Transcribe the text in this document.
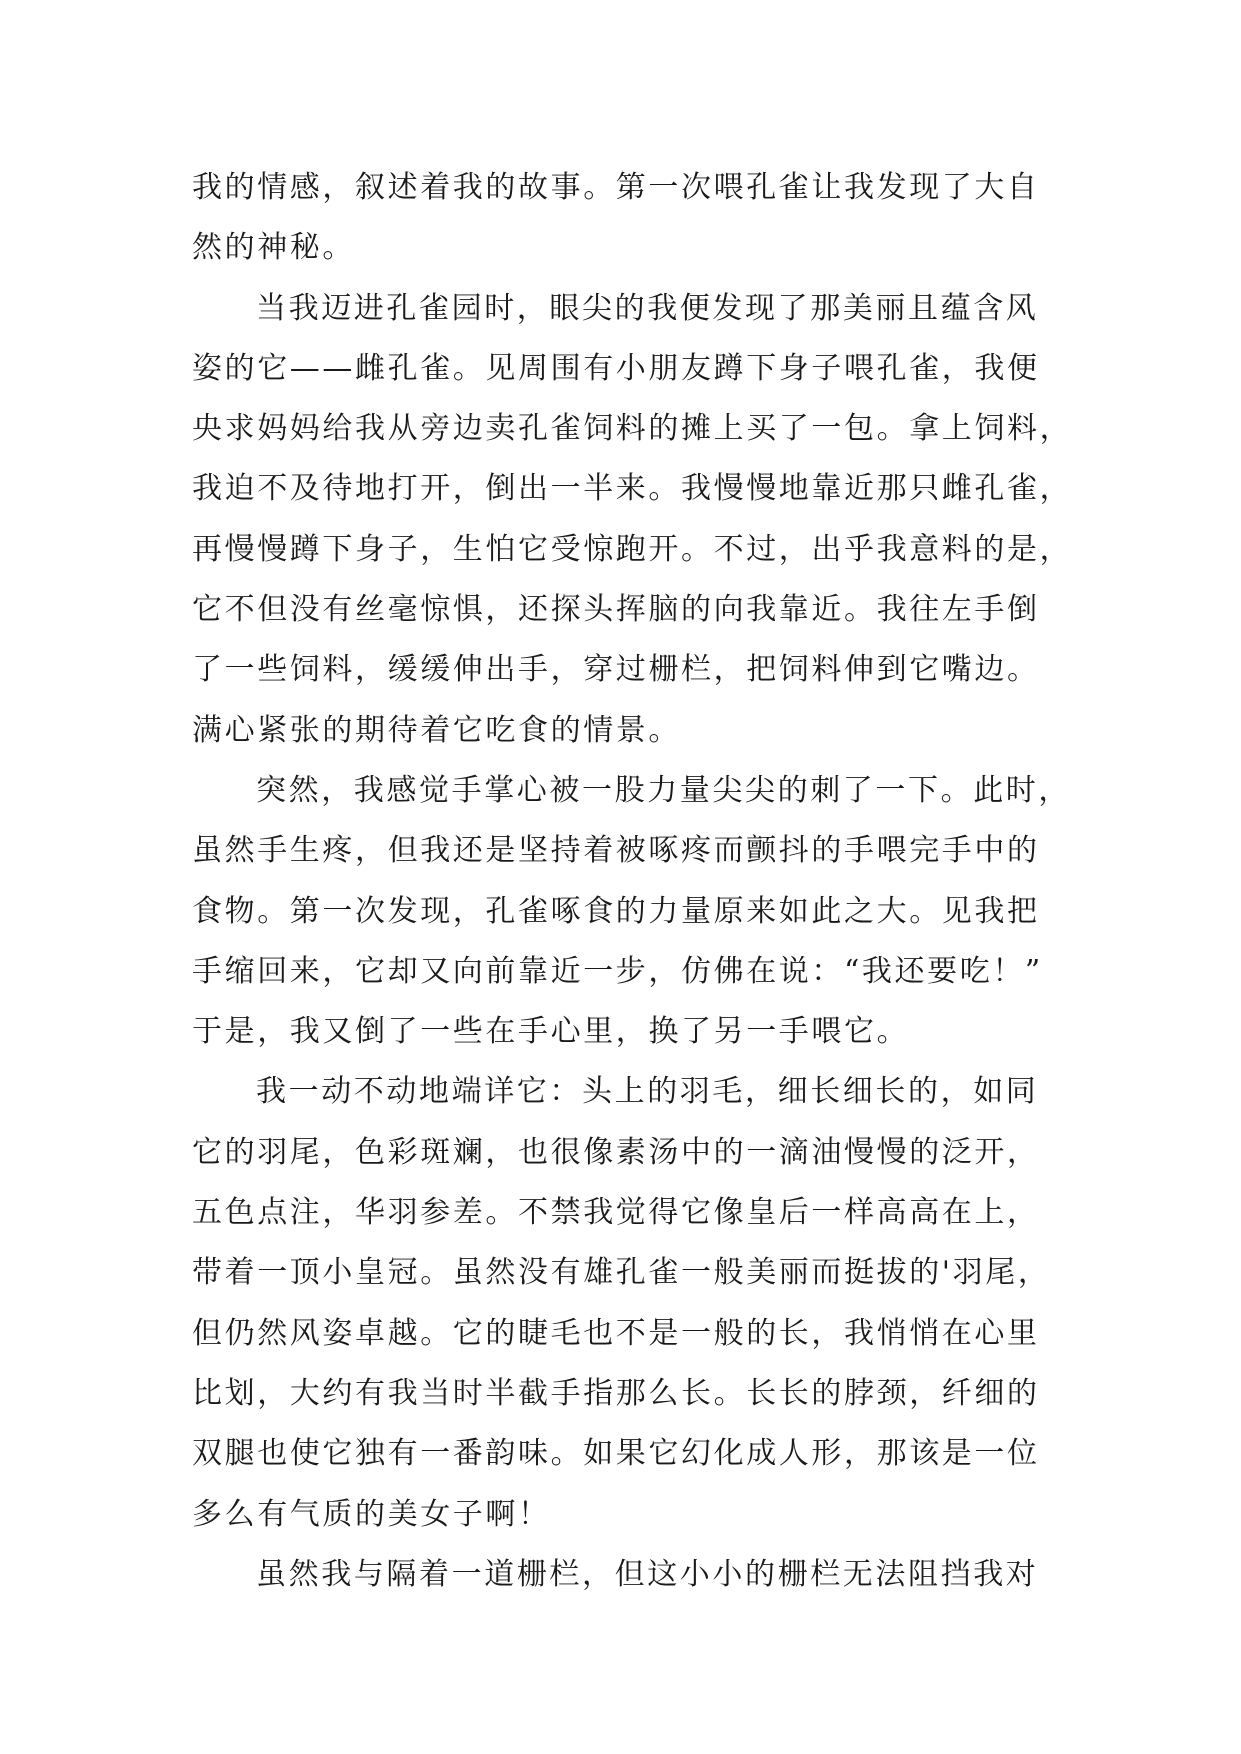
我的情感，叙述着我的故事。第一次喂孔雀让我发现了大自
然的神秘。
当我迈进孔雀园时，眼尖的我便发现了那美丽且蕴含风
姿的它——雌孔雀。见周围有小朋友蹲下身子喂孔雀，我便
央求妈妈给我从旁边卖孔雀饲料的摊上买了一包。拿上饲料，
我迫不及待地打开，倒出一半来。我慢慢地靠近那只雌孔雀，
再慢慢蹲下身子，生怕它受惊跑开。不过，出乎我意料的是，
它不但没有丝毫惊惧，还探头挥脑的向我靠近。我往左手倒
了一些饲料，缓缓伸出手，穿过栅栏，把饲料伸到它嘴边。
满心紧张的期待着它吃食的情景。
突然，我感觉手掌心被一股力量尖尖的刺了一下。此时，
虽然手生疼，但我还是坚持着被啄疼而颤抖的手喂完手中的
食物。第一次发现，孔雀啄食的力量原来如此之大。见我把
手缩回来，它却又向前靠近一步，仿佛在说：“我还要吃！”
于是，我又倒了一些在手心里，换了另一手喂它。
我一动不动地端详它：头上的羽毛，细长细长的，如同
它的羽尾，色彩斑斓，也很像素汤中的一滴油慢慢的泛开，
五色点注，华羽参差。不禁我觉得它像皇后一样高高在上，
带着一顶小皇冠。虽然没有雄孔雀一般美丽而挺拔的'羽尾，
但仍然风姿卓越。它的睫毛也不是一般的长，我悄悄在心里
比划，大约有我当时半截手指那么长。长长的脖颈，纤细的
双腿也使它独有一番韵味。如果它幻化成人形，那该是一位
多么有气质的美女子啊！
虽然我与隔着一道栅栏，但这小小的栅栏无法阻挡我对
